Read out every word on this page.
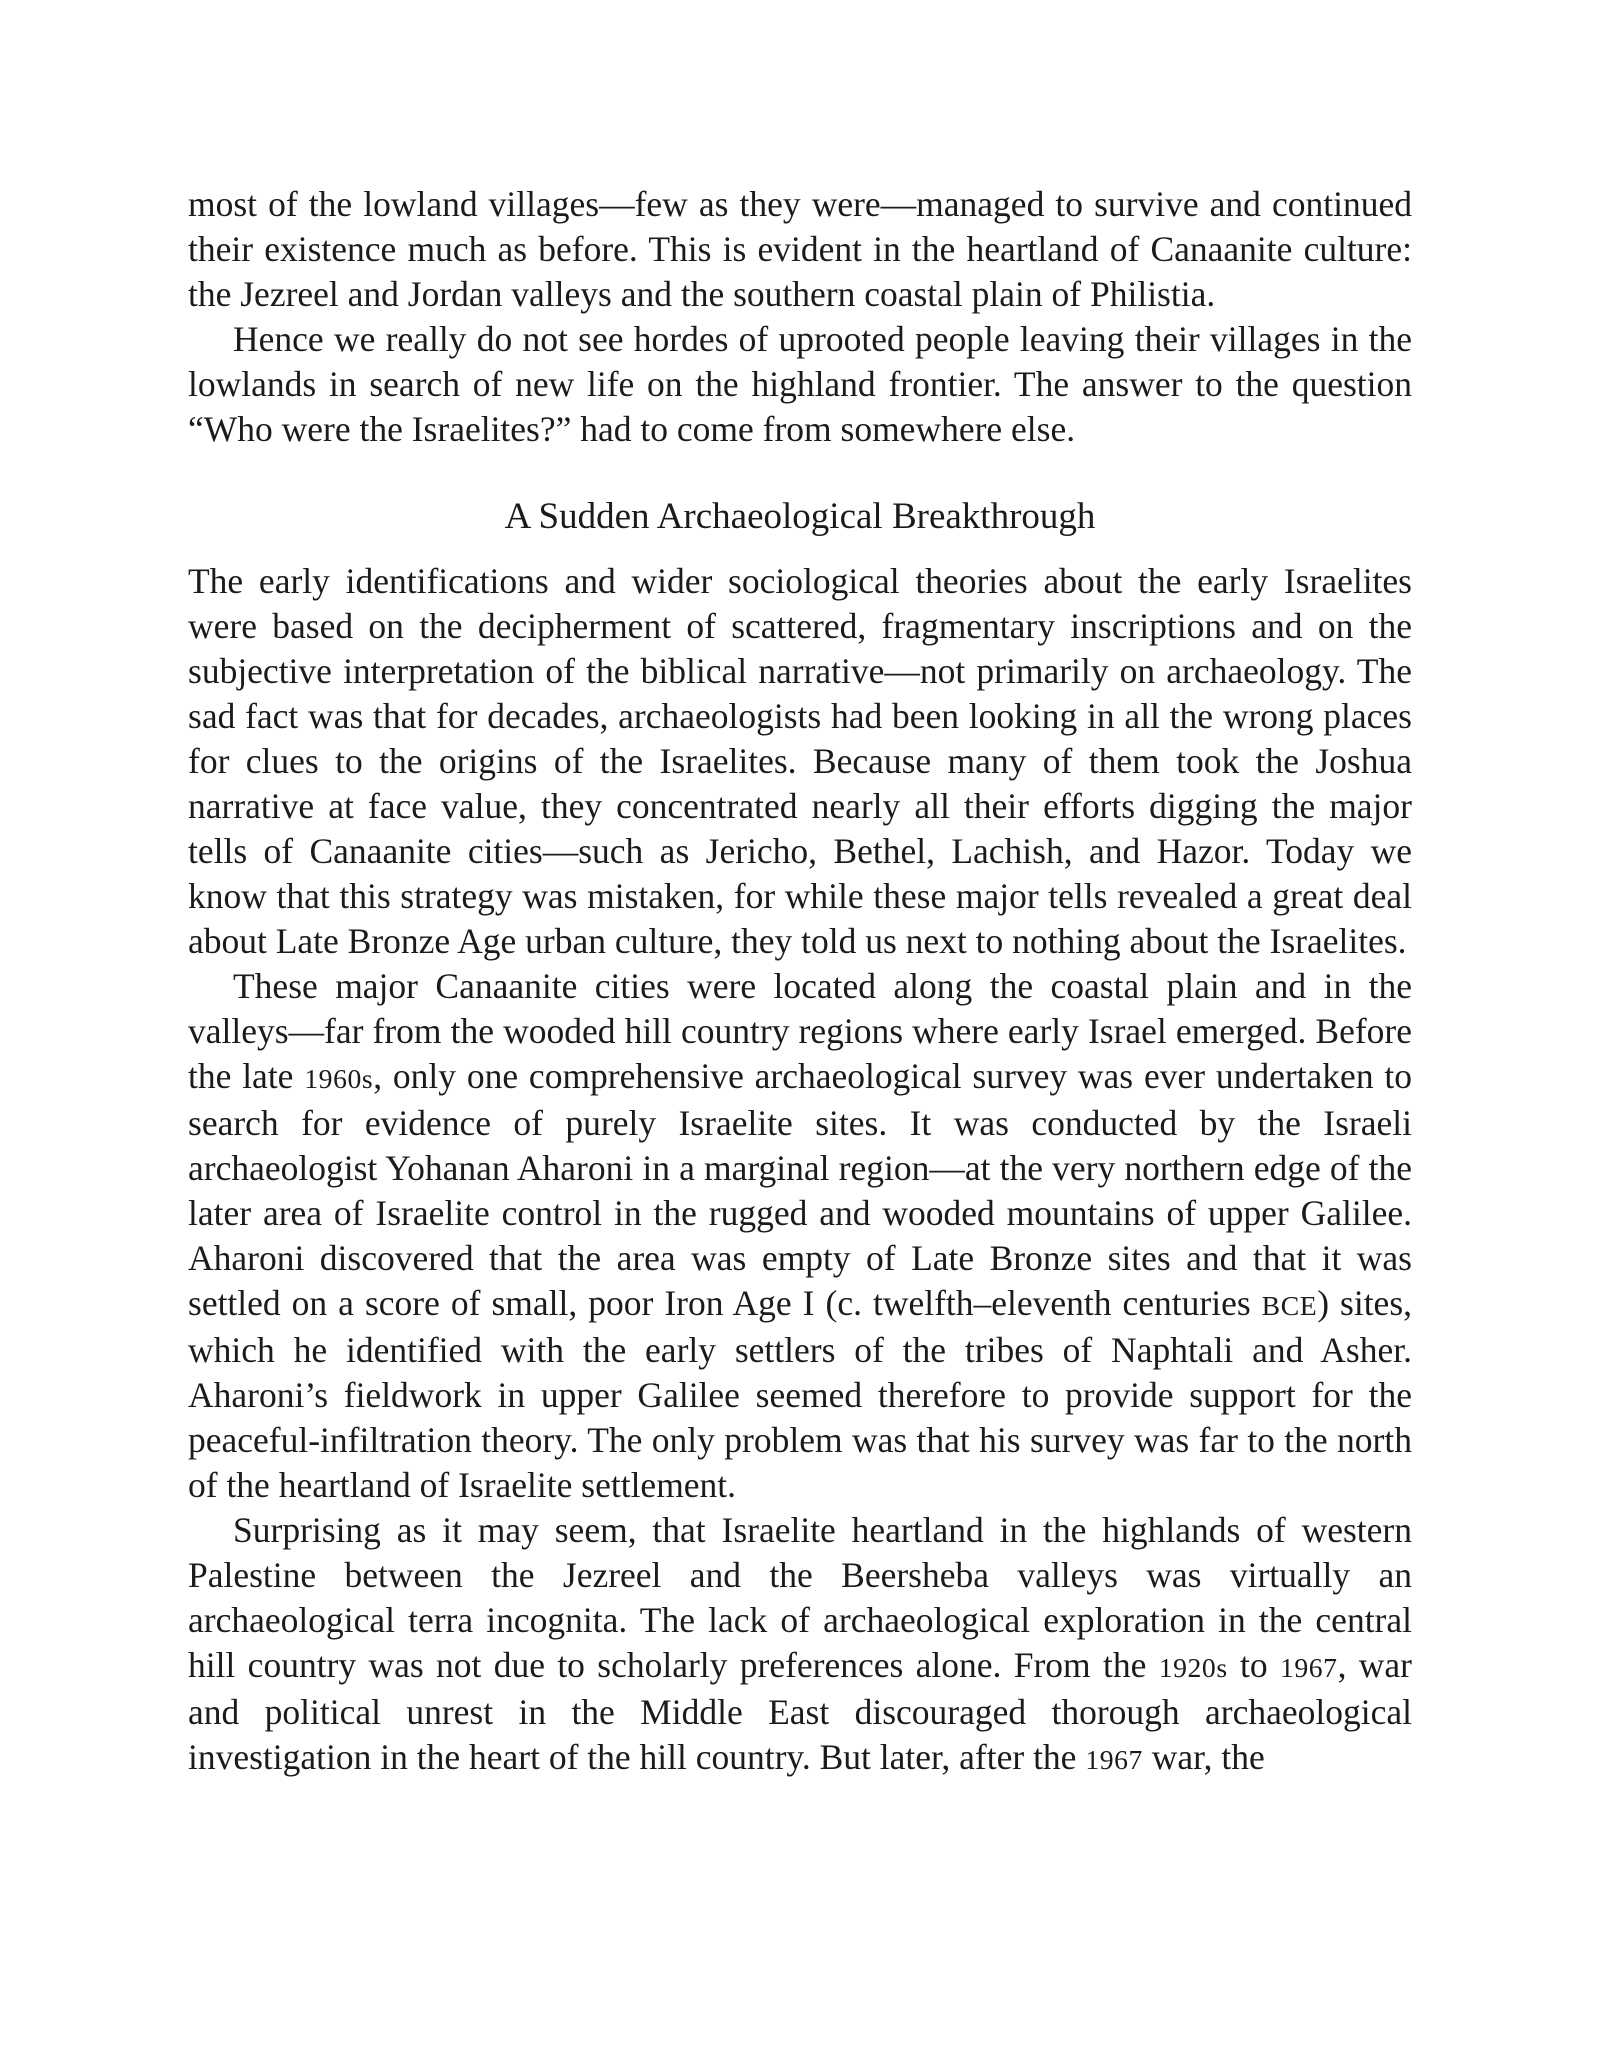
most of the lowland villages—few as they were—managed to survive and continued their existence much as before. This is evident in the heartland of Canaanite culture: the Jezreel and Jordan valleys and the southern coastal plain of Philistia.

Hence we really do not see hordes of uprooted people leaving their villages in the lowlands in search of new life on the highland frontier. The answer to the question “Who were the Israelites?” had to come from somewhere else.

A Sudden Archaeological Breakthrough

The early identifications and wider sociological theories about the early Israelites were based on the decipherment of scattered, fragmentary inscriptions and on the subjective interpretation of the biblical narrative—not primarily on archaeology. The sad fact was that for decades, archaeologists had been looking in all the wrong places for clues to the origins of the Israelites. Because many of them took the Joshua narrative at face value, they concentrated nearly all their efforts digging the major tells of Canaanite cities—such as Jericho, Bethel, Lachish, and Hazor. Today we know that this strategy was mistaken, for while these major tells revealed a great deal about Late Bronze Age urban culture, they told us next to nothing about the Israelites.

These major Canaanite cities were located along the coastal plain and in the valleys—far from the wooded hill country regions where early Israel emerged. Before the late 1960s, only one comprehensive archaeological survey was ever undertaken to search for evidence of purely Israelite sites. It was conducted by the Israeli archaeologist Yohanan Aharoni in a marginal region—at the very northern edge of the later area of Israelite control in the rugged and wooded mountains of upper Galilee. Aharoni discovered that the area was empty of Late Bronze sites and that it was settled on a score of small, poor Iron Age I (c. twelfth–eleventh centuries BCE) sites, which he identified with the early settlers of the tribes of Naphtali and Asher. Aharoni’s fieldwork in upper Galilee seemed therefore to provide support for the peaceful-infiltration theory. The only problem was that his survey was far to the north of the heartland of Israelite settlement.

Surprising as it may seem, that Israelite heartland in the highlands of western Palestine between the Jezreel and the Beersheba valleys was virtually an archaeological terra incognita. The lack of archaeological exploration in the central hill country was not due to scholarly preferences alone. From the 1920s to 1967, war and political unrest in the Middle East discouraged thorough archaeological investigation in the heart of the hill country. But later, after the 1967 war, the
